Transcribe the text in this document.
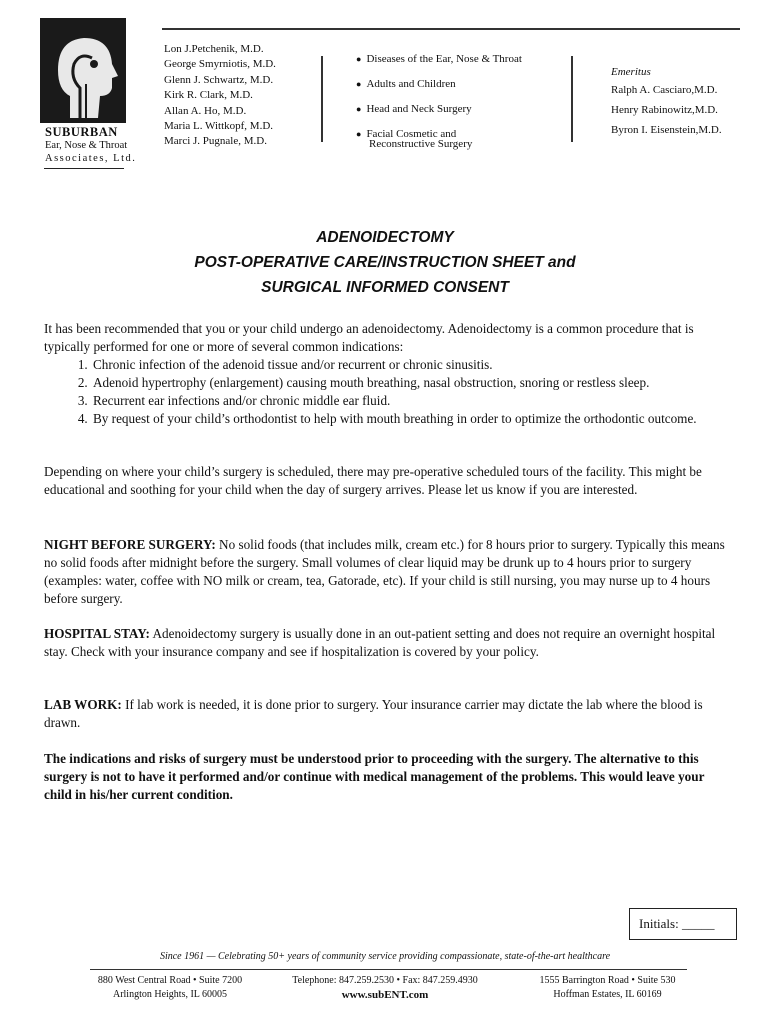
SUBURBAN
Ear, Nose & Throat
Associates, Ltd.
Lon J.Petchenik, M.D.
George Smyrniotis, M.D.
Glenn J. Schwartz, M.D.
Kirk R. Clark, M.D.
Allan A. Ho, M.D.
Maria L. Wittkopf, M.D.
Marci J. Pugnale, M.D.
● Diseases of the Ear, Nose & Throat
● Adults and Children
● Head and Neck Surgery
● Facial Cosmetic and
Reconstructive Surgery
Emeritus
Ralph A. Casciaro,M.D.
Henry Rabinowitz,M.D.
Byron I. Eisenstein,M.D.
ADENOIDECTOMY
POST-OPERATIVE CARE/INSTRUCTION SHEET and
SURGICAL INFORMED CONSENT

It has been recommended that you or your child undergo an adenoidectomy. Adenoidectomy is a common procedure that is typically performed for one or more of several common indications:

1. Chronic infection of the adenoid tissue and/or recurrent or chronic sinusitis.
2. Adenoid hypertrophy (enlargement) causing mouth breathing, nasal obstruction, snoring or restless sleep.
3. Recurrent ear infections and/or chronic middle ear fluid.
4. By request of your child’s orthodontist to help with mouth breathing in order to optimize the orthodontic outcome.

Depending on where your child’s surgery is scheduled, there may pre-operative scheduled tours of the facility. This might be educational and soothing for your child when the day of surgery arrives. Please let us know if you are interested.

NIGHT BEFORE SURGERY: No solid foods (that includes milk, cream etc.) for 8 hours prior to surgery. Typically this means no solid foods after midnight before the surgery. Small volumes of clear liquid may be drunk up to 4 hours prior to surgery (examples: water, coffee with NO milk or cream, tea, Gatorade, etc). If your child is still nursing, you may nurse up to 4 hours before surgery.

HOSPITAL STAY: Adenoidectomy surgery is usually done in an out-patient setting and does not require an overnight hospital stay. Check with your insurance company and see if hospitalization is covered by your policy.

LAB WORK: If lab work is needed, it is done prior to surgery. Your insurance carrier may dictate the lab where the blood is drawn.

The indications and risks of surgery must be understood prior to proceeding with the surgery. The alternative to this surgery is not to have it performed and/or continue with medical management of the problems. This would leave your child in his/her current condition.

Initials: _____
Since 1961 — Celebrating 50+ years of community service providing compassionate, state-of-the-art healthcare
880 West Central Road • Suite 7200
Arlington Heights, IL 60005
Telephone: 847.259.2530 • Fax: 847.259.4930
www.subENT.com
1555 Barrington Road • Suite 530
Hoffman Estates, IL 60169
